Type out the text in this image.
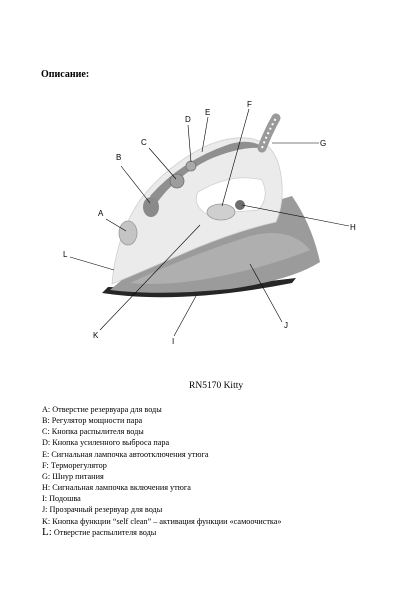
Описание:
A
B
C
D
E
F
G
H
K
L
I
J
RN5170 Kitty
A: Отверстие резервуара для воды
B: Регулятор мощности пара
C: Кнопка распылителя воды
D: Кнопка усиленного выброса пара
E: Сигнальная лампочка автоотключения утюга
F: Терморегулятор
G: Шнур питания
H: Сигнальная лампочка включения утюга
I: Подошва
J: Прозрачный резервуар для воды
K: Кнопка функции “self clean” – активация функции «самоочистка»
L: Отверстие распылителя воды
